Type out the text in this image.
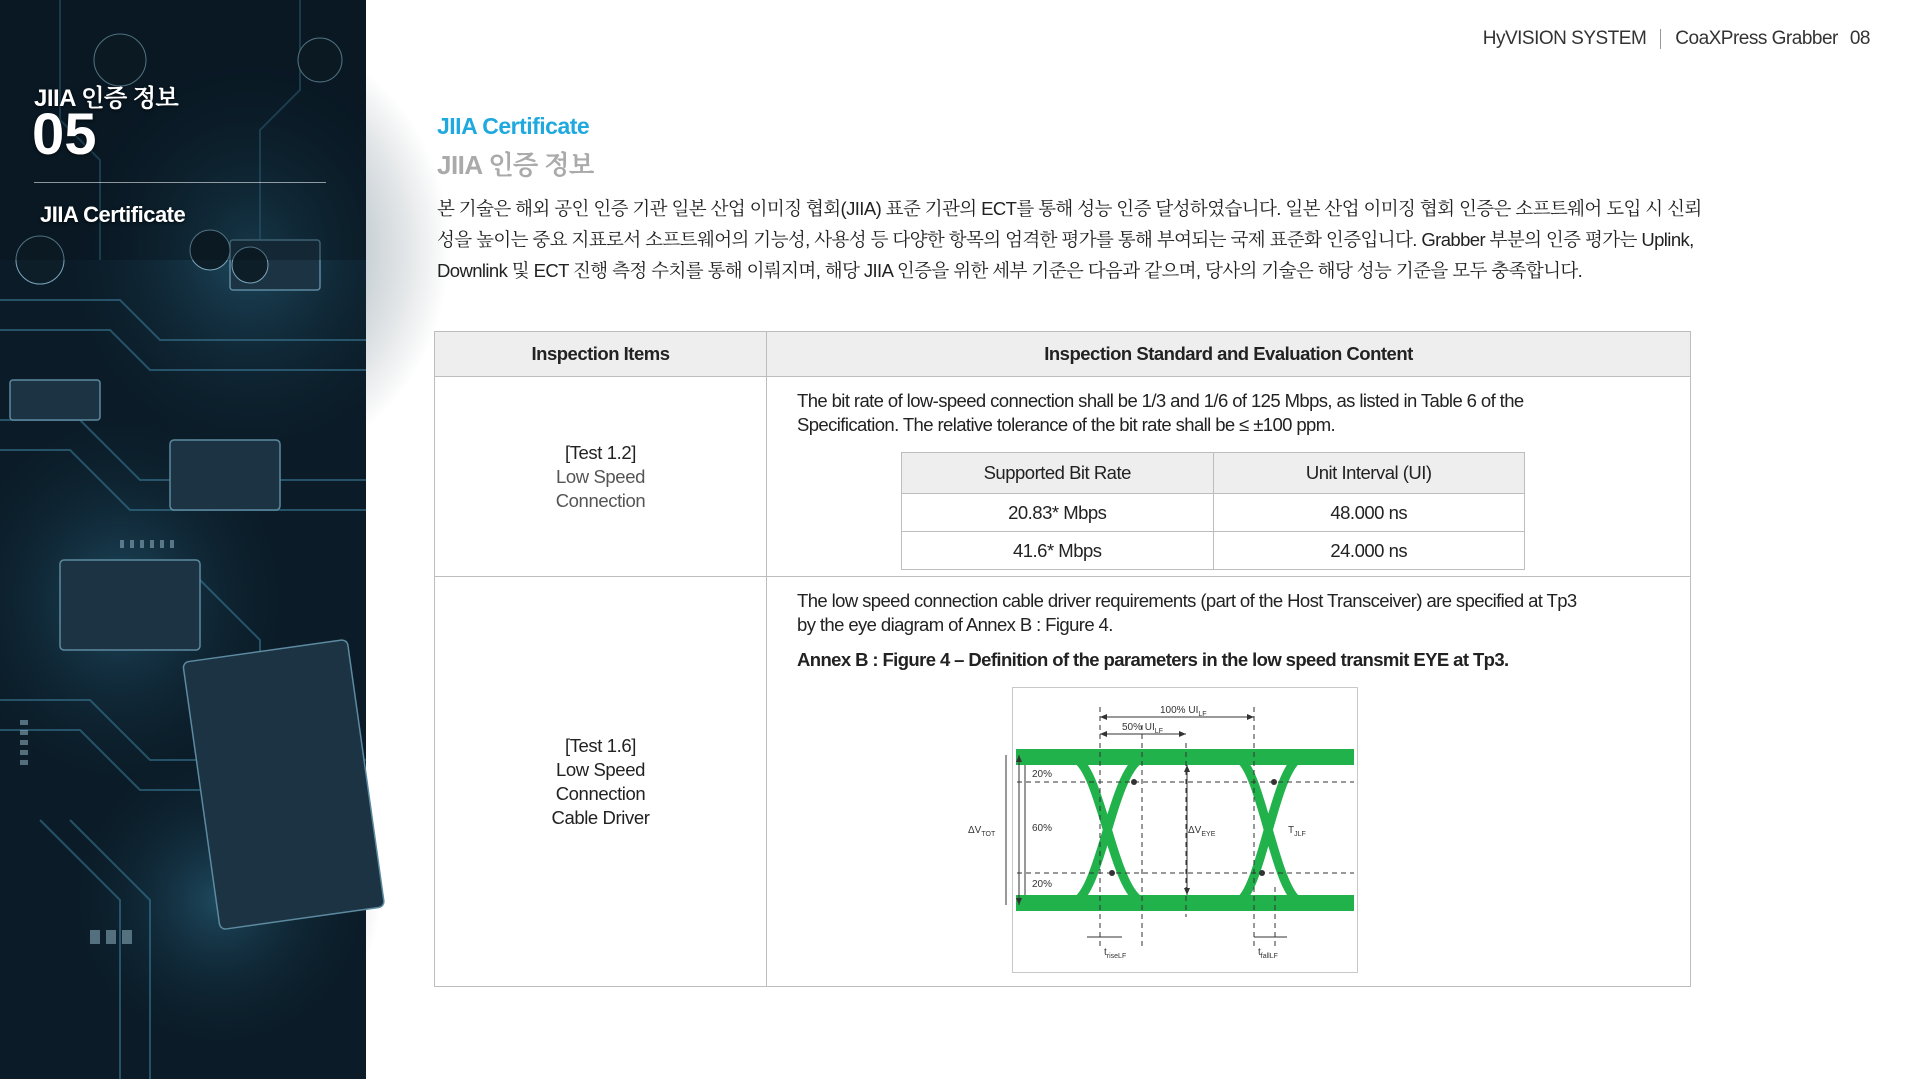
JIIA 인증 정보
05
JIIA Certificate
HyVISION SYSTEM CoaXPress Grabber 08
JIIA Certificate
JIIA 인증 정보

본 기술은 해외 공인 인증 기관 일본 산업 이미징 협회(JIIA) 표준 기관의 ECT를 통해 성능 인증 달성하였습니다. 일본 산업 이미징 협회 인증은 소프트웨어 도입 시 신뢰성을 높이는 중요 지표로서 소프트웨어의 기능성, 사용성 등 다양한 항목의 엄격한 평가를 통해 부여되는 국제 표준화 인증입니다. Grabber 부분의 인증 평가는 Uplink, Downlink 및 ECT 진행 측정 수치를 통해 이뤄지며, 해당 JIIA 인증을 위한 세부 기준은 다음과 같으며, 당사의 기술은 해당 성능 기준을 모두 충족합니다.

Inspection Items	Inspection Standard and Evaluation Content

[Test 1.2]
Low Speed
Connection

The bit rate of low-speed connection shall be 1/3 and 1/6 of 125 Mbps, as listed in Table 6 of the Specification. The relative tolerance of the bit rate shall be ≤ ±100 ppm.

Supported Bit Rate	Unit Interval (UI)
20.83* Mbps	48.000 ns
41.6* Mbps	24.000 ns

[Test 1.6]
Low Speed
Connection
Cable Driver

The low speed connection cable driver requirements (part of the Host Transceiver) are specified at Tp3 by the eye diagram of Annex B : Figure 4.

Annex B : Figure 4 – Definition of the parameters in the low speed transmit EYE at Tp3.

100% $UI_{LF}$
50% $UI_{LF}$
20%
60%
20%
$\Delta V_{TOT}$	$\Delta V_{EYE}$	$T_{JLF}$
$t_{riseLF}$	$t_{fallLF}$
